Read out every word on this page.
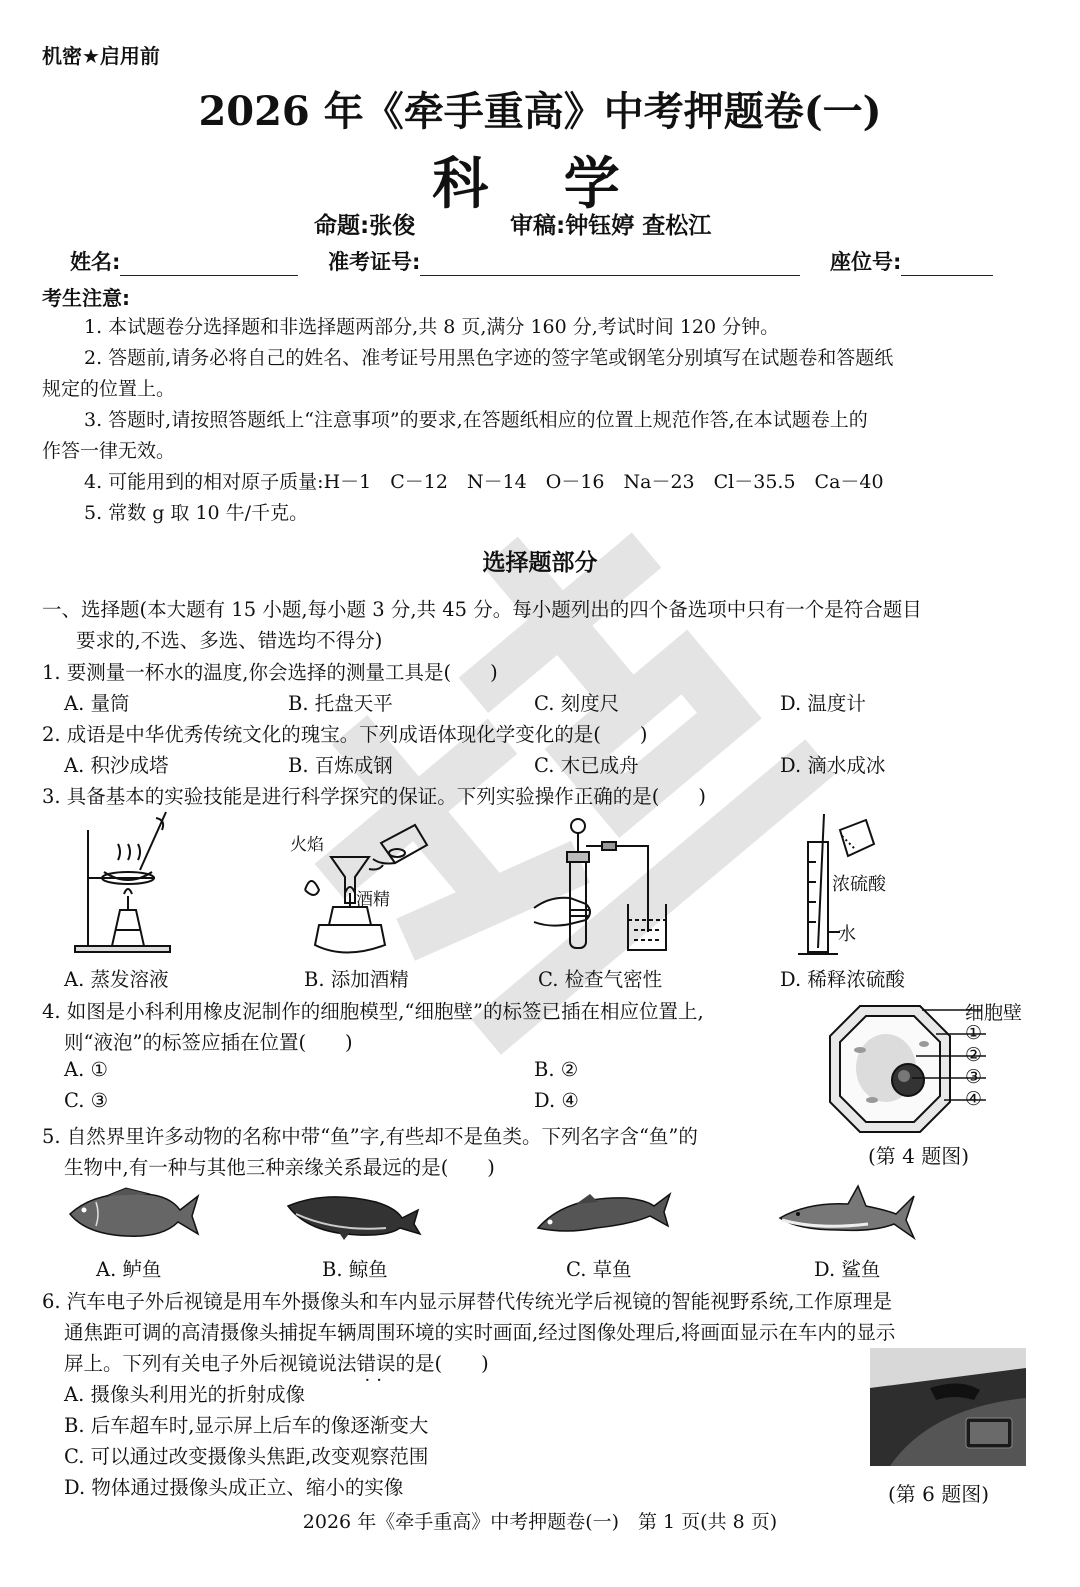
机密★启用前
2026 年《牵手重高》中考押题卷(一)
科 学
命题:张俊	审稿:钟钰婷 查松江
姓名:	准考证号:	座位号:
考生注意:
1. 本试题卷分选择题和非选择题两部分,共 8 页,满分 160 分,考试时间 120 分钟。
2. 答题前,请务必将自己的姓名、准考证号用黑色字迹的签字笔或钢笔分别填写在试题卷和答题纸
规定的位置上。
3. 答题时,请按照答题纸上“注意事项”的要求,在答题纸相应的位置上规范作答,在本试题卷上的
作答一律无效。
4. 可能用到的相对原子质量:H－1　C－12　N－14　O－16　Na－23　Cl－35.5　Ca－40
5. 常数 g 取 10 牛/千克。
选择题部分
一、选择题(本大题有 15 小题,每小题 3 分,共 45 分。每小题列出的四个备选项中只有一个是符合题目
要求的,不选、多选、错选均不得分)
1. 要测量一杯水的温度,你会选择的测量工具是(　　)
A. 量筒	B. 托盘天平	C. 刻度尺	D. 温度计
2. 成语是中华优秀传统文化的瑰宝。下列成语体现化学变化的是(　　)
A. 积沙成塔	B. 百炼成钢	C. 木已成舟	D. 滴水成冰
3. 具备基本的实验技能是进行科学探究的保证。下列实验操作正确的是(　　)
火焰
酒精
浓硫酸
水
A. 蒸发溶液	B. 添加酒精	C. 检查气密性	D. 稀释浓硫酸
4. 如图是小科利用橡皮泥制作的细胞模型,“细胞壁”的标签已插在相应位置上,
则“液泡”的标签应插在位置(　　)
A. ①	B. ②
C. ③	D. ④
细胞壁
①
②
③
④
(第 4 题图)
5. 自然界里许多动物的名称中带“鱼”字,有些却不是鱼类。下列名字含“鱼”的
生物中,有一种与其他三种亲缘关系最远的是(　　)
A. 鲈鱼	B. 鲸鱼	C. 草鱼	D. 鲨鱼
6. 汽车电子外后视镜是用车外摄像头和车内显示屏替代传统光学后视镜的智能视野系统,工作原理是
通焦距可调的高清摄像头捕捉车辆周围环境的实时画面,经过图像处理后,将画面显示在车内的显示
屏上。下列有关电子外后视镜说法错误 ··的是(　　)
A. 摄像头利用光的折射成像
B. 后车超车时,显示屏上后车的像逐渐变大
C. 可以通过改变摄像头焦距,改变观察范围
D. 物体通过摄像头成正立、缩小的实像	(第 6 题图)
2026 年《牵手重高》中考押题卷(一)　第 1 页(共 8 页)
